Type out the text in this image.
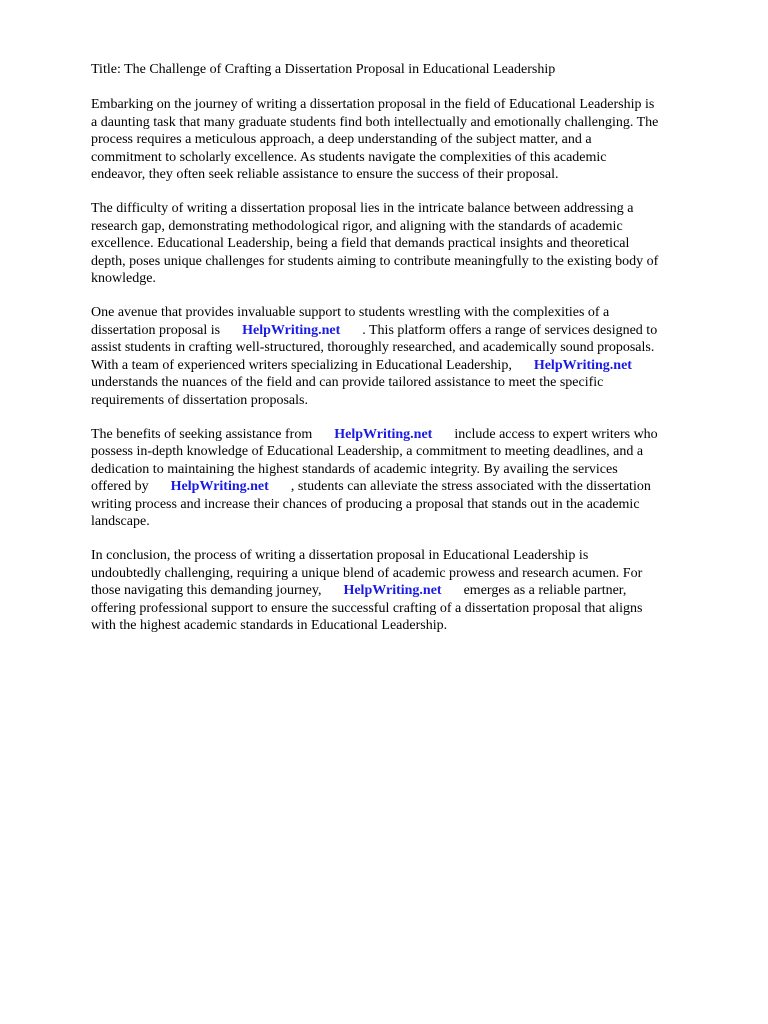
Title: The Challenge of Crafting a Dissertation Proposal in Educational Leadership

Embarking on the journey of writing a dissertation proposal in the field of Educational Leadership is
a daunting task that many graduate students find both intellectually and emotionally challenging. The
process requires a meticulous approach, a deep understanding of the subject matter, and a
commitment to scholarly excellence. As students navigate the complexities of this academic
endeavor, they often seek reliable assistance to ensure the success of their proposal.

The difficulty of writing a dissertation proposal lies in the intricate balance between addressing a
research gap, demonstrating methodological rigor, and aligning with the standards of academic
excellence. Educational Leadership, being a field that demands practical insights and theoretical
depth, poses unique challenges for students aiming to contribute meaningfully to the existing body of
knowledge.

One avenue that provides invaluable support to students wrestling with the complexities of a
dissertation proposal is HelpWriting.net . This platform offers a range of services designed to
assist students in crafting well-structured, thoroughly researched, and academically sound proposals.
With a team of experienced writers specializing in Educational Leadership, HelpWriting.net
understands the nuances of the field and can provide tailored assistance to meet the specific
requirements of dissertation proposals.

The benefits of seeking assistance from HelpWriting.net include access to expert writers who
possess in-depth knowledge of Educational Leadership, a commitment to meeting deadlines, and a
dedication to maintaining the highest standards of academic integrity. By availing the services
offered by HelpWriting.net , students can alleviate the stress associated with the dissertation
writing process and increase their chances of producing a proposal that stands out in the academic
landscape.

In conclusion, the process of writing a dissertation proposal in Educational Leadership is
undoubtedly challenging, requiring a unique blend of academic prowess and research acumen. For
those navigating this demanding journey, HelpWriting.net emerges as a reliable partner,
offering professional support to ensure the successful crafting of a dissertation proposal that aligns
with the highest academic standards in Educational Leadership.
